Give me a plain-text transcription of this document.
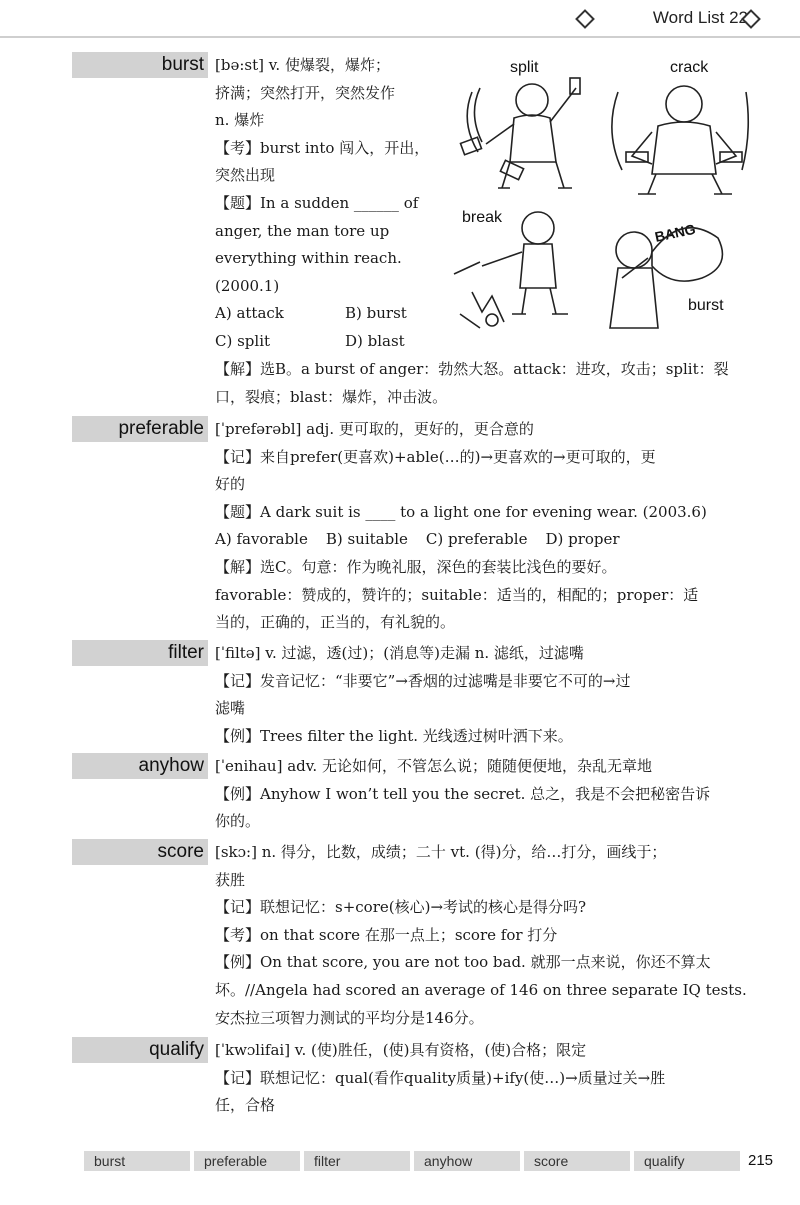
Word List 22
burst [bə:st] v. 使爆裂，爆炸；

挤满；突然打开，突然发作

n. 爆炸

【考】burst into 闯入，开出，

突然出现

【题】In a sudden ______ of

anger, the man tore up

everything within reach.

(2000.1)

A) attack	B) burst
C) split	D) blast

【解】选B。a burst of anger：勃然大怒。attack：进攻，攻击；split：裂

口，裂痕；blast：爆炸，冲击波。

split	crack
break
burst
BANG
preferable [ˈprefərəbl] adj. 更可取的，更好的，更合意的

【记】来自prefer(更喜欢)+able(…的)→更喜欢的→更可取的，更

好的

【题】A dark suit is ____ to a light one for evening wear. (2003.6)

A) favorable B) suitable C) preferable D) proper

【解】选C。句意：作为晚礼服，深色的套装比浅色的要好。

favorable：赞成的，赞许的；suitable：适当的，相配的；proper：适

当的，正确的，正当的，有礼貌的。

filter [ˈfiltə] v. 过滤，透(过)；(消息等)走漏 n. 滤纸，过滤嘴

【记】发音记忆：“非要它”→香烟的过滤嘴是非要它不可的→过

滤嘴

【例】Trees filter the light. 光线透过树叶洒下来。

anyhow [ˈenihau] adv. 无论如何，不管怎么说；随随便便地，杂乱无章地

【例】Anyhow I won’t tell you the secret. 总之，我是不会把秘密告诉

你的。

score [skɔ:] n. 得分，比数，成绩；二十 vt. (得)分，给…打分，画线于；

获胜

【记】联想记忆：s+core(核心)→考试的核心是得分吗?

【考】on that score 在那一点上；score for 打分

【例】On that score, you are not too bad. 就那一点来说，你还不算太

坏。//Angela had scored an average of 146 on three separate IQ tests.

安杰拉三项智力测试的平均分是146分。

qualify [ˈkwɔlifai] v. (使)胜任，(使)具有资格，(使)合格；限定

【记】联想记忆：qual(看作quality质量)+ify(使…)→质量过关→胜

任，合格

burst	preferable	filter	anyhow	score	qualify	215
